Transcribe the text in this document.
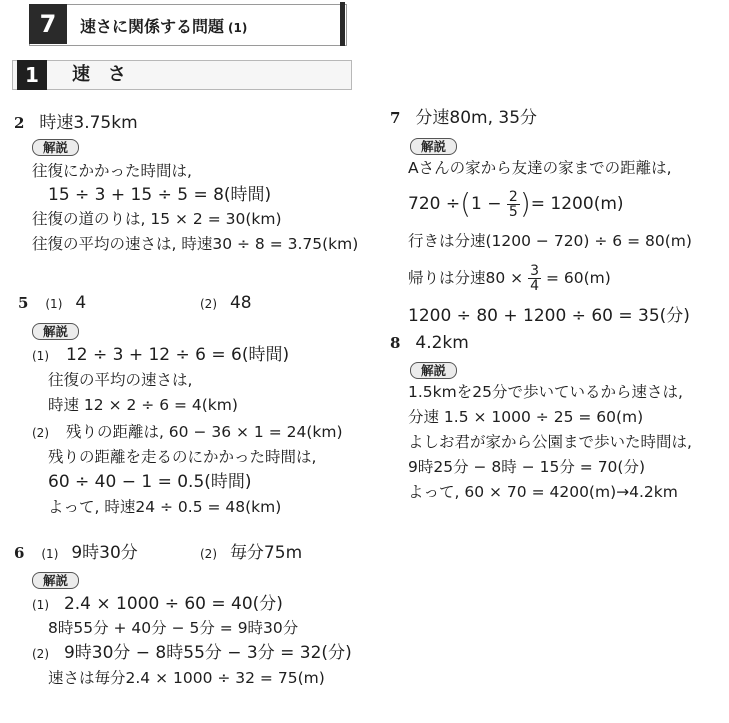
7	速さに関係する問題 (1)
1	速　さ
2 時速3.75km
解説
往復にかかった時間は,
15 ÷ 3 + 15 ÷ 5 = 8(時間)
往復の道のりは, 15 × 2 = 30(km)
往復の平均の速さは, 時速30 ÷ 8 = 3.75(km)
5 (1) 4	(2) 48
解説
(1) 12 ÷ 3 + 12 ÷ 6 = 6(時間)
往復の平均の速さは,
時速 12 × 2 ÷ 6 = 4(km)
(2) 残りの距離は, 60 − 36 × 1 = 24(km)
残りの距離を走るのにかかった時間は,
60 ÷ 40 − 1 = 0.5(時間)
よって, 時速24 ÷ 0.5 = 48(km)
6 (1) 9時30分	(2) 毎分75m
解説
(1) 2.4 × 1000 ÷ 60 = 40(分)
8時55分 + 40分 − 5分 = 9時30分
(2) 9時30分 − 8時55分 − 3分 = 32(分)
速さは毎分2.4 × 1000 ÷ 32 = 75(m)
7 分速80m, 35分
解説
Aさんの家から友達の家までの距離は,
$720 \div(1 - \frac{2}{5}$ )= 1200(m)
行きは分速(1200 − 720) ÷ 6 = 80(m)
帰りは分速$80 \times \frac{3}{4} = 60(m)$
1200 ÷ 80 + 1200 ÷ 60 = 35(分)
8 4.2km
解説
1.5kmを25分で歩いているから速さは,
分速 1.5 × 1000 ÷ 25 = 60(m)
よしお君が家から公園まで歩いた時間は,
9時25分 − 8時 − 15分 = 70(分)
よって, 60 × 70 = 4200(m)→4.2km
